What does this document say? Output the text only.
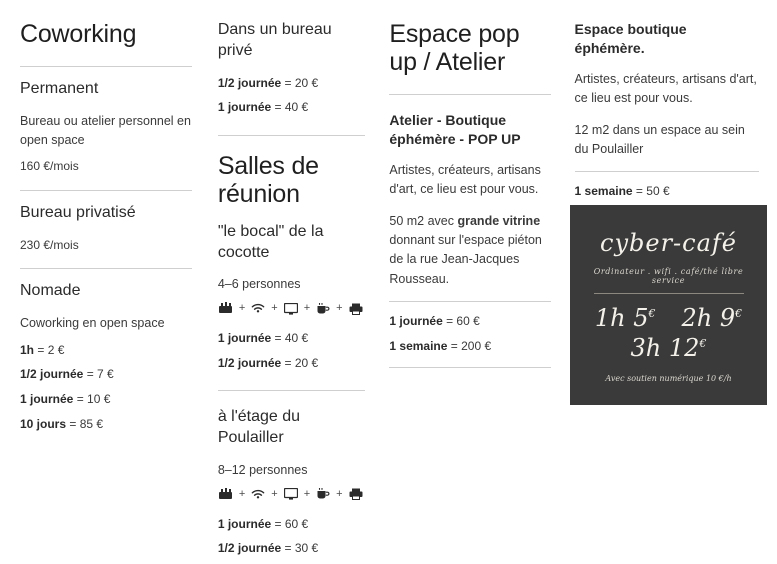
Coworking
Permanent

Bureau ou atelier personnel en open space

160 €/mois

Bureau privatisé

230 €/mois

Nomade

Coworking en open space

1h = 2 €

1/2 journée = 7 €

1 journée = 10 €

10 jours = 85 €

Dans un bureau privé

1/2 journée = 20 €

1 journée = 40 €

Salles de réunion
"le bocal" de la cocotte

4–6 personnes

+ + + +

1 journée = 40 €

1/2 journée = 20 €

à l'étage du Poulailler

8–12 personnes

+ + + +

1 journée = 60 €

1/2 journée = 30 €

Espace pop up / Atelier
Atelier - Boutique éphémère - POP UP

Artistes, créateurs, artisans d'art, ce lieu est pour vous.

50 m2 avec grande vitrine donnant sur l'espace piéton de la rue Jean-Jacques Rousseau.

1 journée = 60 €

1 semaine = 200 €

Espace boutique éphémère.

Artistes, créateurs, artisans d'art, ce lieu est pour vous.

12 m2 dans un espace au sein du Poulailler

1 semaine = 50 €

cyber-café
Ordinateur . wifi . café/thé libre service
1h 5€ 2h 9€
3h 12€
Avec soutien numérique 10 €/h
